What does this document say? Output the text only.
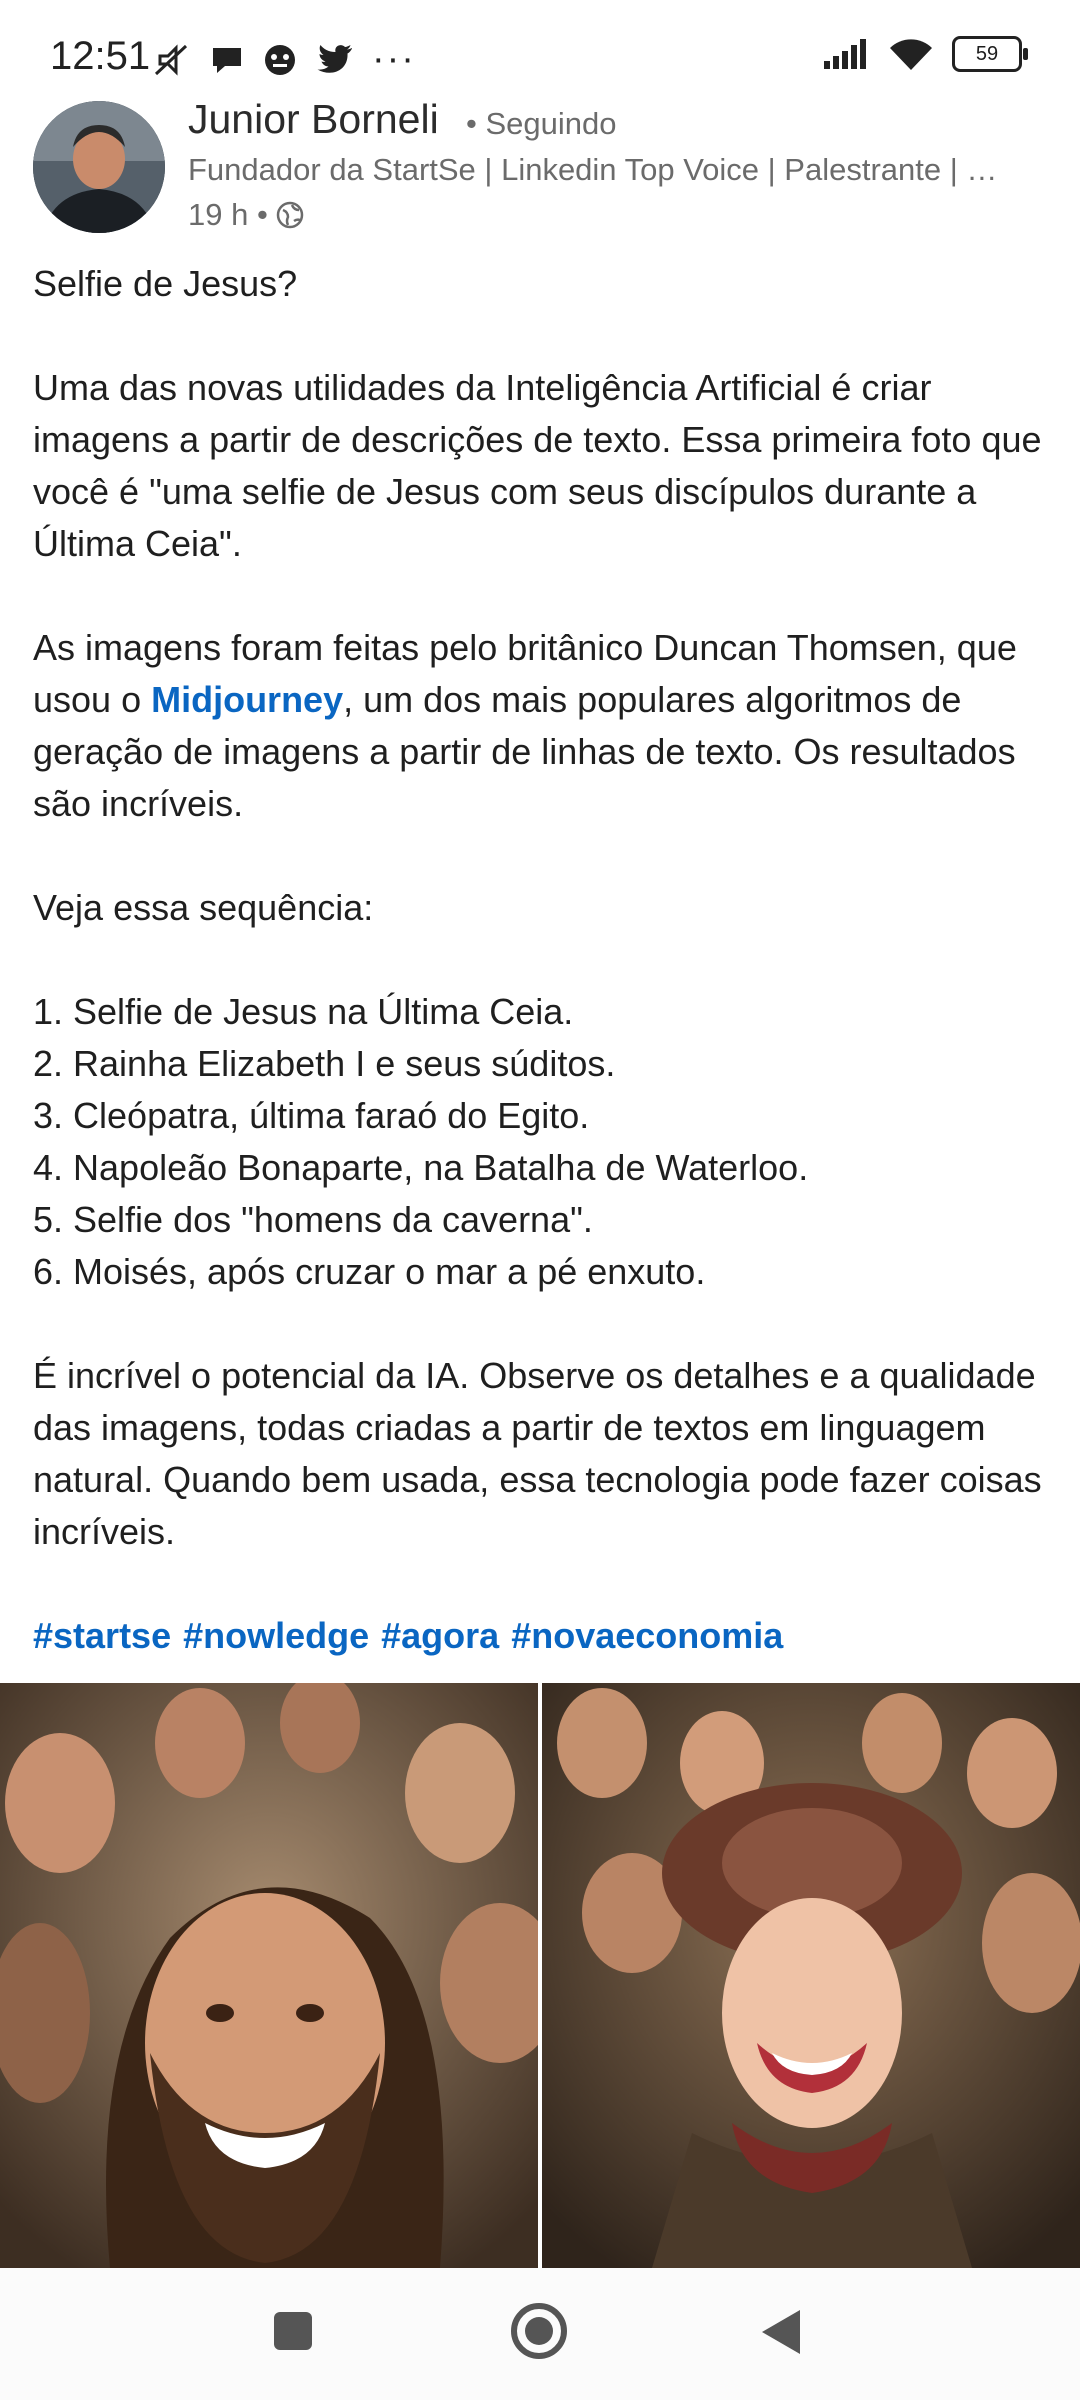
12:51	···	59
Junior Borneli • Seguindo
Fundador da StartSe | Linkedin Top Voice | Palestrante | …
19 h •

Selfie de Jesus?

Uma das novas utilidades da Inteligência Artificial é criar imagens a partir de descrições de texto. Essa primeira foto que você é "uma selfie de Jesus com seus discípulos durante a Última Ceia".

As imagens foram feitas pelo britânico Duncan Thomsen, que usou o Midjourney, um dos mais populares algoritmos de geração de imagens a partir de linhas de texto. Os resultados são incríveis.

Veja essa sequência:

1. Selfie de Jesus na Última Ceia.

2. Rainha Elizabeth I e seus súditos.

3. Cleópatra, última faraó do Egito.

4. Napoleão Bonaparte, na Batalha de Waterloo.

5. Selfie dos "homens da caverna".

6. Moisés, após cruzar o mar a pé enxuto.

É incrível o potencial da IA. Observe os detalhes e a qualidade das imagens, todas criadas a partir de textos em linguagem natural. Quando bem usada, essa tecnologia pode fazer coisas incríveis.

#startse #nowledge #agora #novaeconomia
